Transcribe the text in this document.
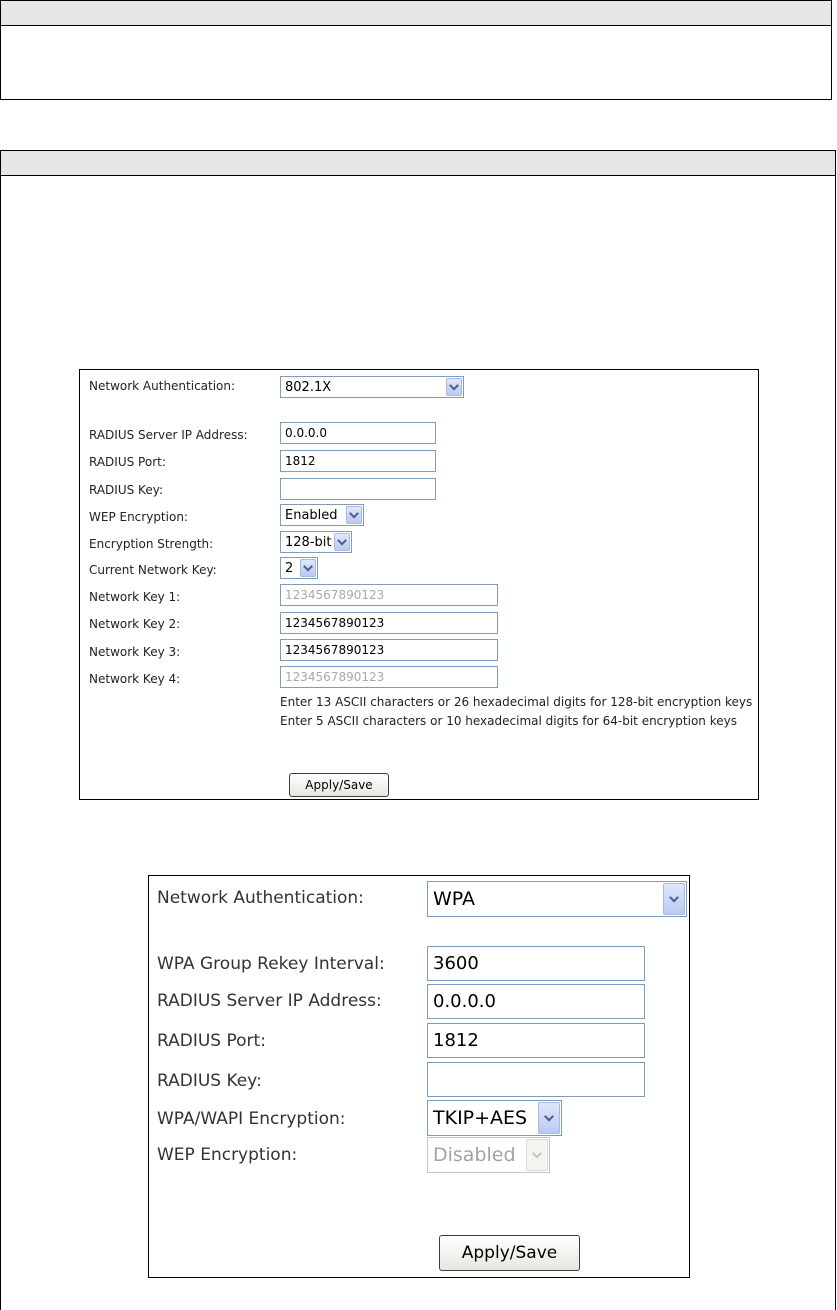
Network Authentication:	802.1X
RADIUS Server IP Address:	0.0.0.0
RADIUS Port:	1812
RADIUS Key:
WEP Encryption:	Enabled
Encryption Strength:	128-bit
Current Network Key:	2
Network Key 1:	1234567890123
Network Key 2:	1234567890123
Network Key 3:	1234567890123
Network Key 4:	1234567890123
Enter 13 ASCII characters or 26 hexadecimal digits for 128-bit encryption keys
Enter 5 ASCII characters or 10 hexadecimal digits for 64-bit encryption keys
Apply/Save
Network Authentication:	WPA
WPA Group Rekey Interval:	3600
RADIUS Server IP Address:	0.0.0.0
RADIUS Port:	1812
RADIUS Key:
WPA/WAPI Encryption:	TKIP+AES
WEP Encryption:	Disabled
Apply/Save
